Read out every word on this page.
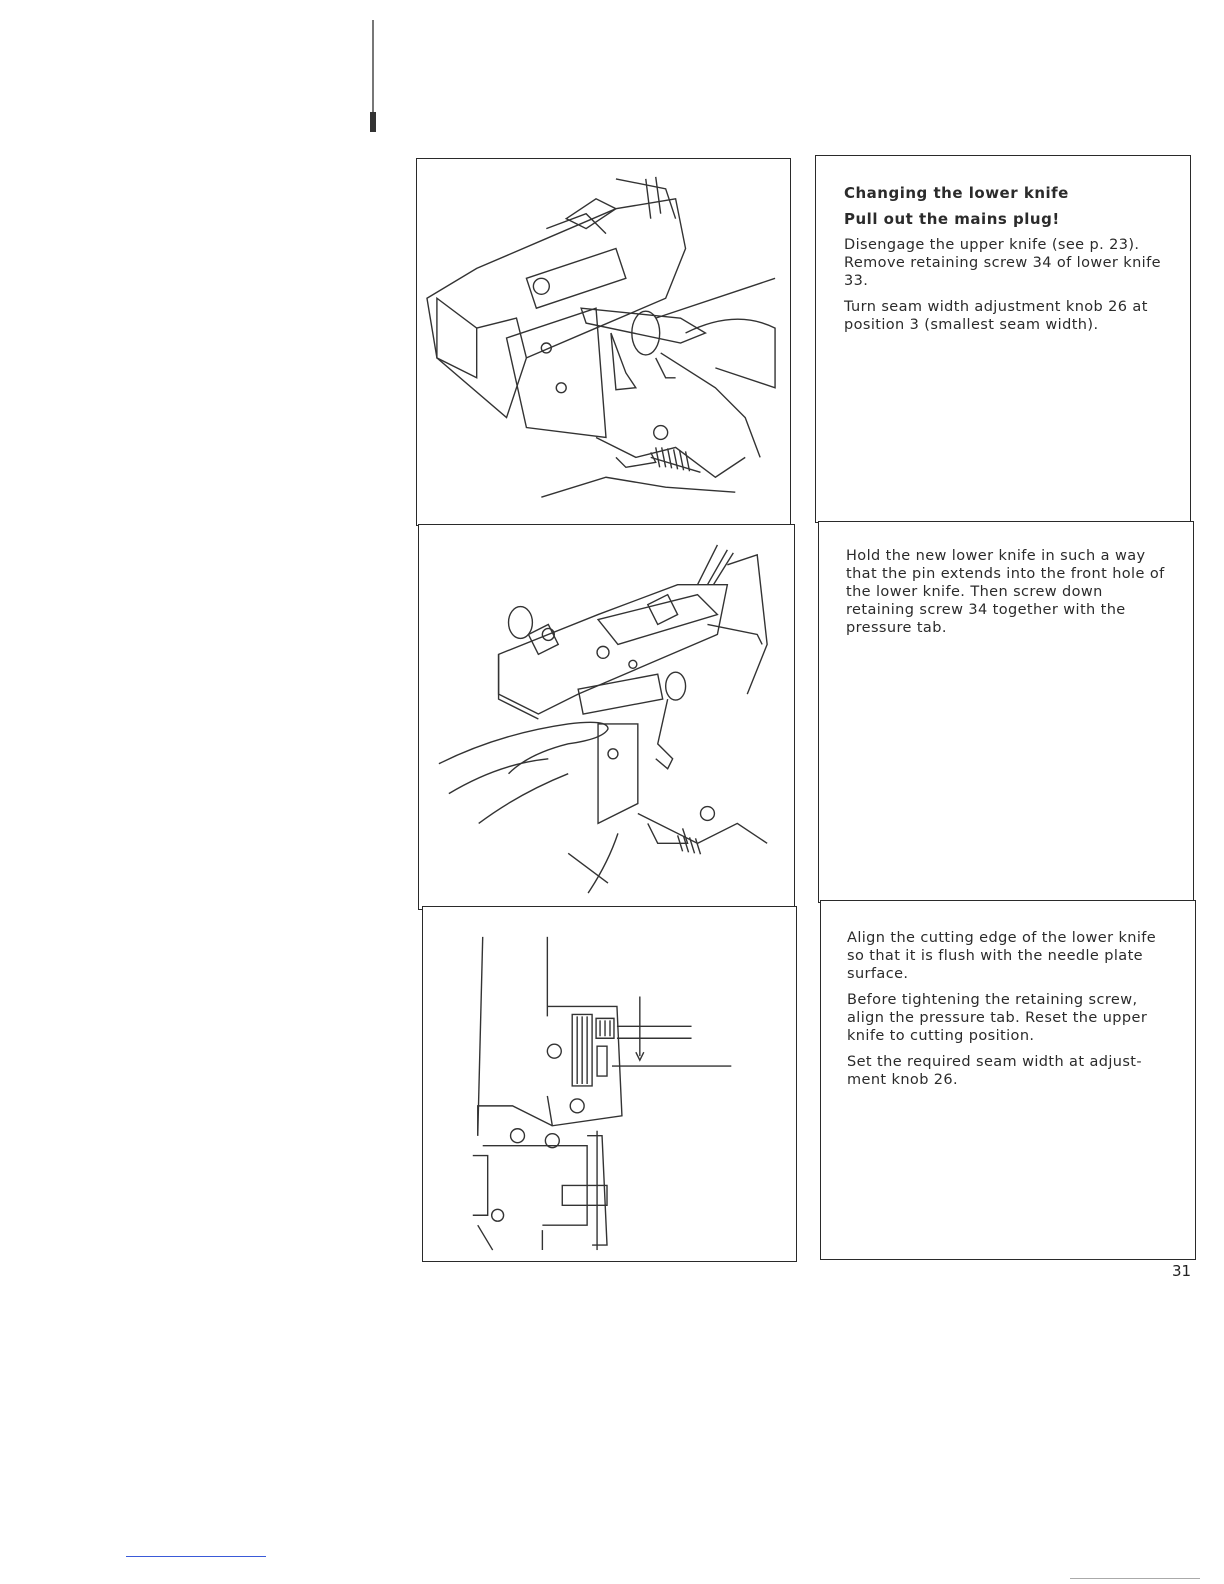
Changing the lower knife
Pull out the mains plug!

Disengage the upper knife (see p. 23). Remove retaining screw 34 of lower knife 33.

Turn seam width adjustment knob 26 at position 3 (smallest seam width).

Hold the new lower knife in such a way that the pin extends into the front hole of the lower knife. Then screw down retaining screw 34 together with the pressure tab.

Align the cutting edge of the lower knife so that it is flush with the needle plate surface.

Before tightening the retaining screw, align the pressure tab. Reset the upper knife to cutting position.

Set the required seam width at adjust-ment knob 26.

31
